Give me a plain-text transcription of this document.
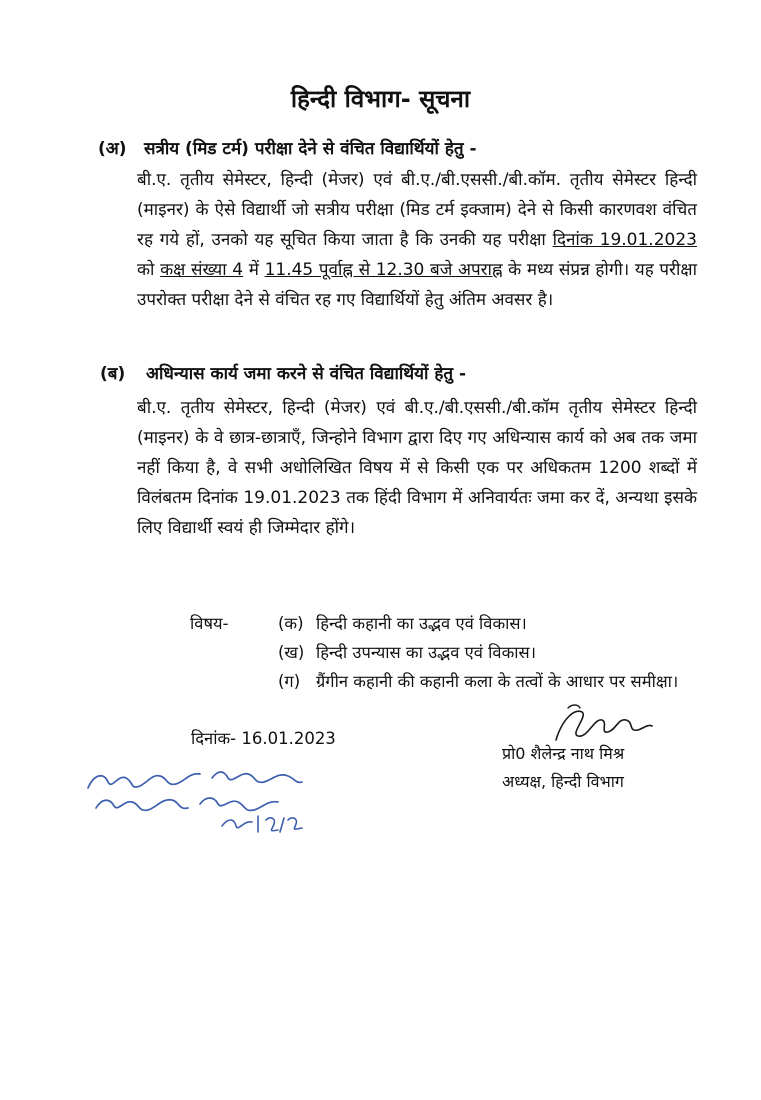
हिन्दी विभाग- सूचना
(अ) सत्रीय (मिड टर्म) परीक्षा देने से वंचित विद्यार्थियों हेतु -
बी.ए. तृतीय सेमेस्टर, हिन्दी (मेजर) एवं बी.ए./बी.एससी./बी.कॉम. तृतीय सेमेस्टर हिन्दी (माइनर) के ऐसे विद्यार्थी जो सत्रीय परीक्षा (मिड टर्म इक्जाम) देने से किसी कारणवश वंचित रह गये हों, उनको यह सूचित किया जाता है कि उनकी यह परीक्षा दिनांक 19.01.2023 को कक्ष संख्या 4 में 11.45 पूर्वाह्न से 12.30 बजे अपराह्न के मध्य संप्रन्न होगी। यह परीक्षा उपरोक्त परीक्षा देने से वंचित रह गए विद्यार्थियों हेतु अंतिम अवसर है।
(ब) अधिन्यास कार्य जमा करने से वंचित विद्यार्थियों हेतु -
बी.ए. तृतीय सेमेस्टर, हिन्दी (मेजर) एवं बी.ए./बी.एससी./बी.कॉम तृतीय सेमेस्टर हिन्दी (माइनर) के वे छात्र-छात्राएँ, जिन्होने विभाग द्वारा दिए गए अधिन्यास कार्य को अब तक जमा नहीं किया है, वे सभी अधोलिखित विषय में से किसी एक पर अधिकतम 1200 शब्दों में विलंबतम दिनांक 19.01.2023 तक हिंदी विभाग में अनिवार्यतः जमा कर दें, अन्यथा इसके लिए विद्यार्थी स्वयं ही जिम्मेदार होंगे।
विषय-	(क) हिन्दी कहानी का उद्भव एवं विकास।
(ख) हिन्दी उपन्यास का उद्भव एवं विकास।
(ग) ग्रैंगीन कहानी की कहानी कला के तत्वों के आधार पर समीक्षा।
दिनांक- 16.01.2023
प्रो0 शैलेन्द्र नाथ मिश्र
अध्यक्ष, हिन्दी विभाग
